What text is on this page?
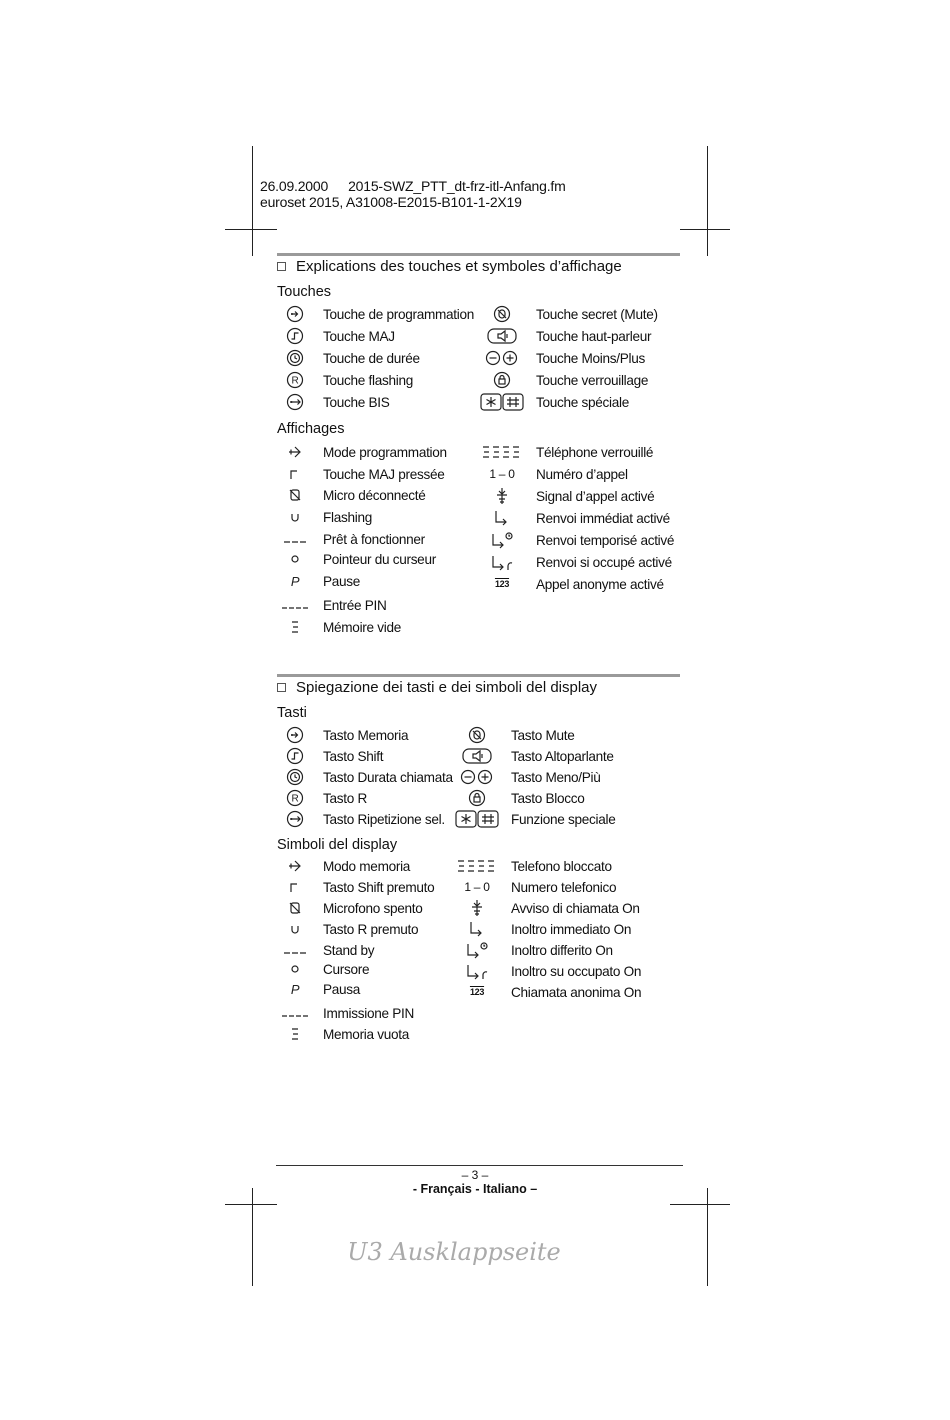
26.09.2000 2015-SWZ_PTT_dt-frz-itl-Anfang.fm
euroset 2015, A31008-E2015-B101-1-2X19
Explications des touches et symboles d’affichage
Touches
Touche de programmation
Touche MAJ
Touche de durée
R Touche flashing
Touche BIS
Touche secret (Mute)
Touche haut-parleur
Touche Moins/Plus
Touche verrouillage
Touche spéciale
Affichages
Mode programmation
Touche MAJ pressée
Micro déconnecté
Flashing
Prêt à fonctionner
Pointeur du curseur
P Pause
Entrée PIN
Mémoire vide
Téléphone verrouillé
1 – 0 Numéro d’appel
Signal d’appel activé
Renvoi immédiat activé
Renvoi temporisé activé
Renvoi si occupé activé
123 Appel anonyme activé
Spiegazione dei tasti e dei simboli del display
Tasti
Tasto Memoria
Tasto Shift
Tasto Durata chiamata
R Tasto R
Tasto Ripetizione sel.
Tasto Mute
Tasto Altoparlante
Tasto Meno/Più
Tasto Blocco
Funzione speciale
Simboli del display
Modo memoria
Tasto Shift premuto
Microfono spento
Tasto R premuto
Stand by
Cursore
P Pausa
Immissione PIN
Memoria vuota
Telefono bloccato
1 – 0 Numero telefonico
Avviso di chiamata On
Inoltro immediato On
Inoltro differito On
Inoltro su occupato On
123 Chiamata anonima On
– 3 –
- Français - Italiano –
U3 Ausklappseite
